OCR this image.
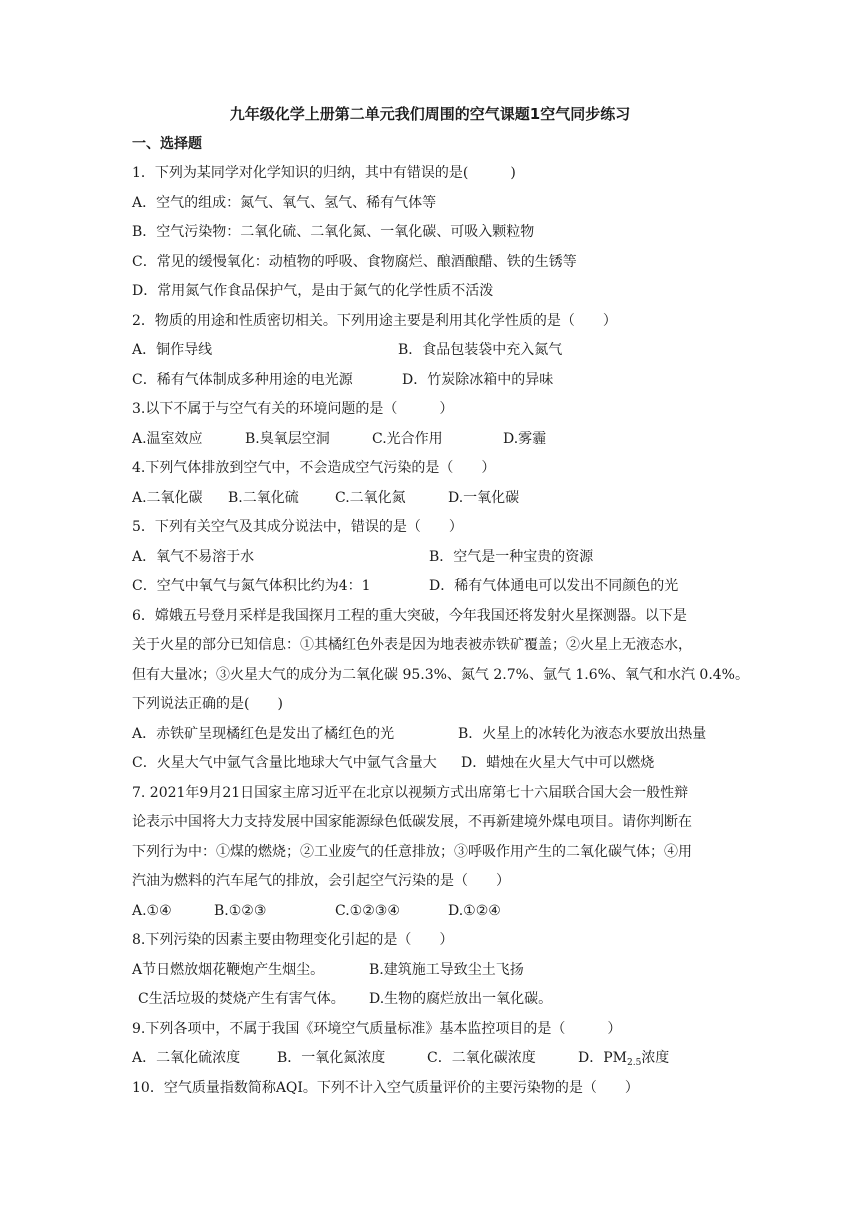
九年级化学上册第二单元我们周围的空气课题1空气同步练习
一、选择题
1．下列为某同学对化学知识的归纳，其中有错误的是(　　　)
A．空气的组成：氮气、氧气、氢气、稀有气体等
B．空气污染物：二氧化硫、二氧化氮、一氧化碳、可吸入颗粒物
C．常见的缓慢氧化：动植物的呼吸、食物腐烂、酿酒酿醋、铁的生锈等
D．常用氮气作食品保护气，是由于氮气的化学性质不活泼
2．物质的用途和性质密切相关。下列用途主要是利用其化学性质的是（　　）
A．铜作导线	B．食品包装袋中充入氮气
C．稀有气体制成多种用途的电光源	D．竹炭除冰箱中的异味
3.以下不属于与空气有关的环境问题的是（　　　）
A.温室效应	B.臭氧层空洞	C.光合作用	D.雾霾
4.下列气体排放到空气中，不会造成空气污染的是（　　）
A.二氧化碳 B.二氧化硫	C.二氧化氮	D.一氧化碳
5．下列有关空气及其成分说法中，错误的是（　　）
A．氧气不易溶于水	B．空气是一种宝贵的资源
C．空气中氧气与氮气体积比约为4：1	D．稀有气体通电可以发出不同颜色的光
6．嫦娥五号登月采样是我国探月工程的重大突破，今年我国还将发射火星探测器。以下是
关于火星的部分已知信息：①其橘红色外表是因为地表被赤铁矿覆盖；②火星上无液态水，
但有大量冰；③火星大气的成分为二氧化碳 95.3%、氮气 2.7%、氩气 1.6%、氧气和水汽 0.4%。
下列说法正确的是(　　)
A．赤铁矿呈现橘红色是发出了橘红色的光	B．火星上的冰转化为液态水要放出热量
C．火星大气中氩气含量比地球大气中氩气含量大 D．蜡烛在火星大气中可以燃烧
7. 2021年9月21日国家主席习近平在北京以视频方式出席第七十六届联合国大会一般性辩
论表示中国将大力支持发展中国家能源绿色低碳发展，不再新建境外煤电项目。请你判断在
下列行为中：①煤的燃烧；②工业废气的任意排放；③呼吸作用产生的二氧化碳气体；④用
汽油为燃料的汽车尾气的排放，会引起空气污染的是（　　）
A.①④	B.①②③	C.①②③④	D.①②④
8.下列污染的因素主要由物理变化引起的是（　　）
A节日燃放烟花鞭炮产生烟尘。	B.建筑施工导致尘土飞扬
C生活垃圾的焚烧产生有害气体。 D.生物的腐烂放出一氧化碳。
9.下列各项中，不属于我国《环境空气质量标准》基本监控项目的是（　　　）
A．二氧化硫浓度	B．一氧化氮浓度	C．二氧化碳浓度	D．$PM_{2.5}$浓度
10．空气质量指数简称AQI。下列不计入空气质量评价的主要污染物的是（　　）
